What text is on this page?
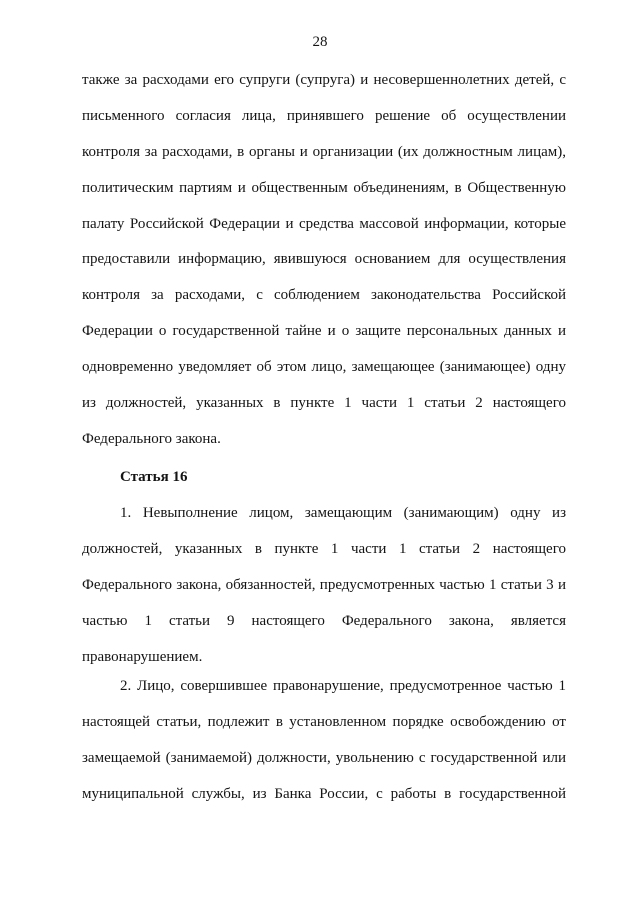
28
также за расходами его супруги (супруга) и несовершеннолетних детей, с
письменного согласия лица, принявшего решение об осуществлении
контроля за расходами, в органы и организации (их должностным лицам),
политическим партиям и общественным объединениям, в Общественную
палату Российской Федерации и средства массовой информации, которые
предоставили информацию, явившуюся основанием для осуществления
контроля за расходами, с соблюдением законодательства Российской
Федерации о государственной тайне и о защите персональных данных и
одновременно уведомляет об этом лицо, замещающее (занимающее) одну
из должностей, указанных в пункте 1 части 1 статьи 2 настоящего
Федерального закона.
Статья 16
1. Невыполнение лицом, замещающим (занимающим) одну из
должностей, указанных в пункте 1 части 1 статьи 2 настоящего
Федерального закона, обязанностей, предусмотренных частью 1 статьи 3 и
частью 1 статьи 9 настоящего Федерального закона, является
правонарушением.
2. Лицо, совершившее правонарушение, предусмотренное частью 1
настоящей статьи, подлежит в установленном порядке освобождению от
замещаемой (занимаемой) должности, увольнению с государственной или
муниципальной службы, из Банка России, с работы в государственной
